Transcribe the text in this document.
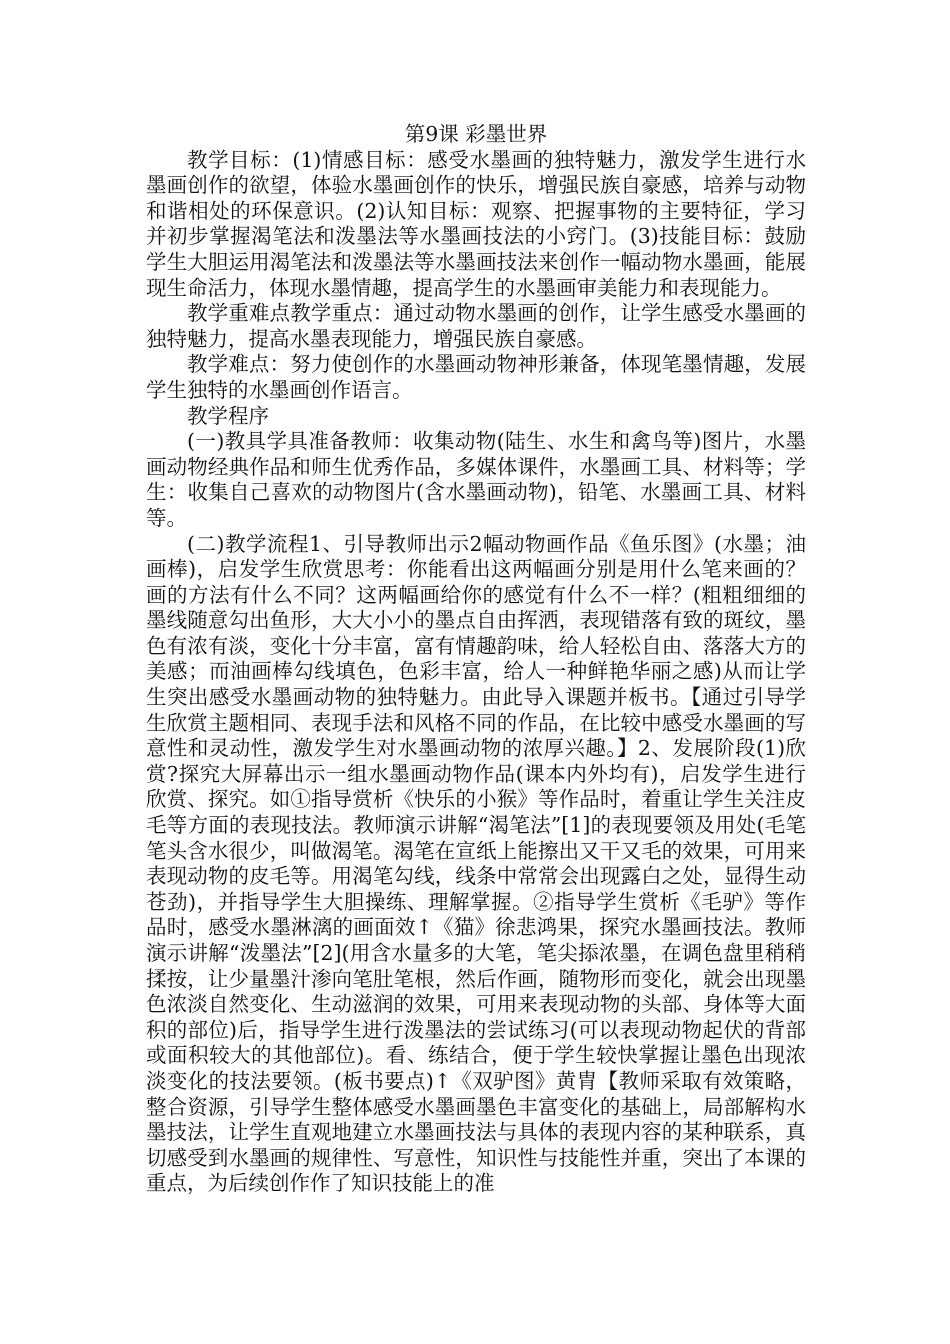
第9课 彩墨世界

教学目标：(1)情感目标：感受水墨画的独特魅力，激发学生进行水墨画创作的欲望，体验水墨画创作的快乐，增强民族自豪感，培养与动物和谐相处的环保意识。(2)认知目标：观察、把握事物的主要特征，学习并初步掌握渴笔法和泼墨法等水墨画技法的小窍门。(3)技能目标：鼓励学生大胆运用渴笔法和泼墨法等水墨画技法来创作一幅动物水墨画，能展现生命活力，体现水墨情趣，提高学生的水墨画审美能力和表现能力。

教学重难点教学重点：通过动物水墨画的创作，让学生感受水墨画的独特魅力，提高水墨表现能力，增强民族自豪感。

教学难点：努力使创作的水墨画动物神形兼备，体现笔墨情趣，发展学生独特的水墨画创作语言。

教学程序

(一)教具学具准备教师：收集动物(陆生、水生和禽鸟等)图片，水墨画动物经典作品和师生优秀作品，多媒体课件，水墨画工具、材料等；学生：收集自己喜欢的动物图片(含水墨画动物)，铅笔、水墨画工具、材料等。

(二)教学流程1、引导教师出示2幅动物画作品《鱼乐图》(水墨；油画棒)，启发学生欣赏思考：你能看出这两幅画分别是用什么笔来画的？画的方法有什么不同？这两幅画给你的感觉有什么不一样？(粗粗细细的墨线随意勾出鱼形，大大小小的墨点自由挥洒，表现错落有致的斑纹，墨色有浓有淡，变化十分丰富，富有情趣韵味，给人轻松自由、落落大方的美感；而油画棒勾线填色，色彩丰富，给人一种鲜艳华丽之感)从而让学生突出感受水墨画动物的独特魅力。由此导入课题并板书。【通过引导学生欣赏主题相同、表现手法和风格不同的作品，在比较中感受水墨画的写意性和灵动性，激发学生对水墨画动物的浓厚兴趣。】2、发展阶段(1)欣赏?探究大屏幕出示一组水墨画动物作品(课本内外均有)，启发学生进行欣赏、探究。如①指导赏析《快乐的小猴》等作品时，着重让学生关注皮毛等方面的表现技法。教师演示讲解“渴笔法”[1]的表现要领及用处(毛笔笔头含水很少，叫做渴笔。渴笔在宣纸上能擦出又干又毛的效果，可用来表现动物的皮毛等。用渴笔勾线，线条中常常会出现露白之处，显得生动苍劲)，并指导学生大胆操练、理解掌握。②指导学生赏析《毛驴》等作品时，感受水墨淋漓的画面效↑《猫》徐悲鸿果，探究水墨画技法。教师演示讲解“泼墨法”[2](用含水量多的大笔，笔尖掭浓墨，在调色盘里稍稍揉按，让少量墨汁渗向笔肚笔根，然后作画，随物形而变化，就会出现墨色浓淡自然变化、生动滋润的效果，可用来表现动物的头部、身体等大面积的部位)后，指导学生进行泼墨法的尝试练习(可以表现动物起伏的背部或面积较大的其他部位)。看、练结合，便于学生较快掌握让墨色出现浓淡变化的技法要领。(板书要点)↑《双驴图》黄胄【教师采取有效策略，整合资源，引导学生整体感受水墨画墨色丰富变化的基础上，局部解构水墨技法，让学生直观地建立水墨画技法与具体的表现内容的某种联系，真切感受到水墨画的规律性、写意性，知识性与技能性并重，突出了本课的重点，为后续创作作了知识技能上的准
